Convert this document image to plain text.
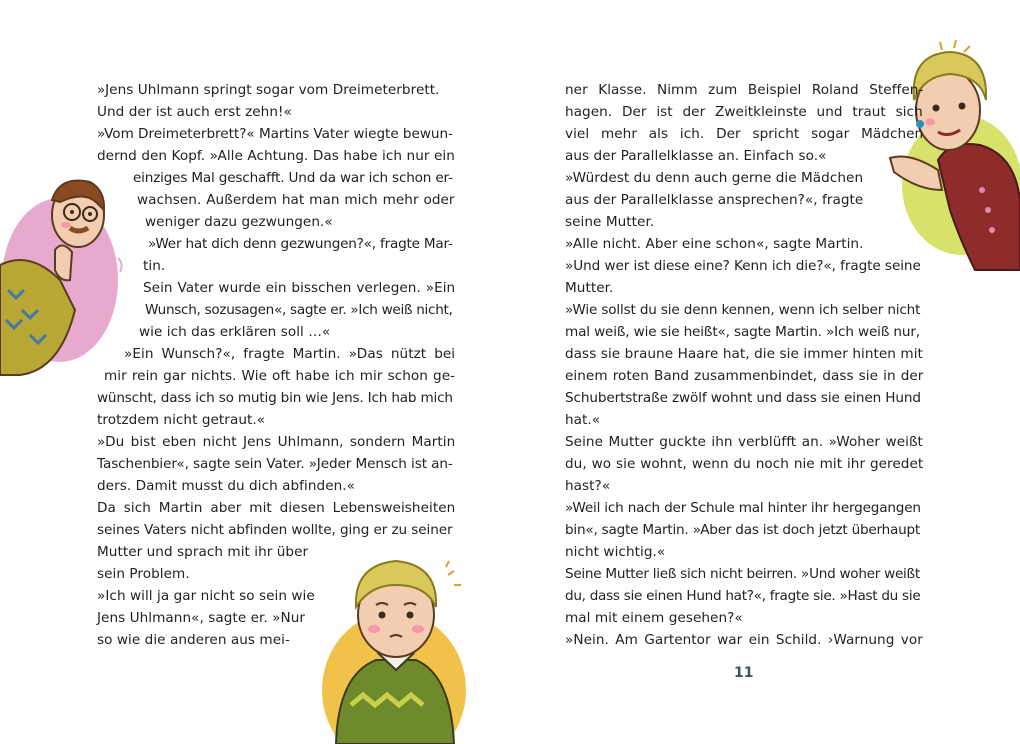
»Jens Uhlmann springt sogar vom Dreimeterbrett.
Und der ist auch erst zehn!«
»Vom Dreimeterbrett?« Martins Vater wiegte bewun-
dernd den Kopf. »Alle Achtung. Das habe ich nur ein
einziges Mal geschafft. Und da war ich schon er-
wachsen. Außerdem hat man mich mehr oder
weniger dazu gezwungen.«
»Wer hat dich denn gezwungen?«, fragte Mar-
tin.
Sein Vater wurde ein bisschen verlegen. »Ein
Wunsch, sozusagen«, sagte er. »Ich weiß nicht,
wie ich das erklären soll …«
»Ein Wunsch?«, fragte Martin. »Das nützt bei
mir rein gar nichts. Wie oft habe ich mir schon ge-
wünscht, dass ich so mutig bin wie Jens. Ich hab mich
trotzdem nicht getraut.«
»Du bist eben nicht Jens Uhlmann, sondern Martin
Taschenbier«, sagte sein Vater. »Jeder Mensch ist an-
ders. Damit musst du dich abfinden.«
Da sich Martin aber mit diesen Lebensweisheiten
seines Vaters nicht abfinden wollte, ging er zu seiner
Mutter und sprach mit ihr über
sein Problem.
»Ich will ja gar nicht so sein wie
Jens Uhlmann«, sagte er. »Nur
so wie die anderen aus mei-
ner Klasse. Nimm zum Beispiel Roland Steffen-
hagen. Der ist der Zweitkleinste und traut sich
viel mehr als ich. Der spricht sogar Mädchen
aus der Parallelklasse an. Einfach so.«
»Würdest du denn auch gerne die Mädchen
aus der Parallelklasse ansprechen?«, fragte
seine Mutter.
»Alle nicht. Aber eine schon«, sagte Martin.
»Und wer ist diese eine? Kenn ich die?«, fragte seine
Mutter.
»Wie sollst du sie denn kennen, wenn ich selber nicht
mal weiß, wie sie heißt«, sagte Martin. »Ich weiß nur,
dass sie braune Haare hat, die sie immer hinten mit
einem roten Band zusammenbindet, dass sie in der
Schubertstraße zwölf wohnt und dass sie einen Hund
hat.«
Seine Mutter guckte ihn verblüfft an. »Woher weißt
du, wo sie wohnt, wenn du noch nie mit ihr geredet
hast?«
»Weil ich nach der Schule mal hinter ihr hergegangen
bin«, sagte Martin. »Aber das ist doch jetzt überhaupt
nicht wichtig.«
Seine Mutter ließ sich nicht beirren. »Und woher weißt
du, dass sie einen Hund hat?«, fragte sie. »Hast du sie
mal mit einem gesehen?«
»Nein. Am Gartentor war ein Schild. ›Warnung vor
11
